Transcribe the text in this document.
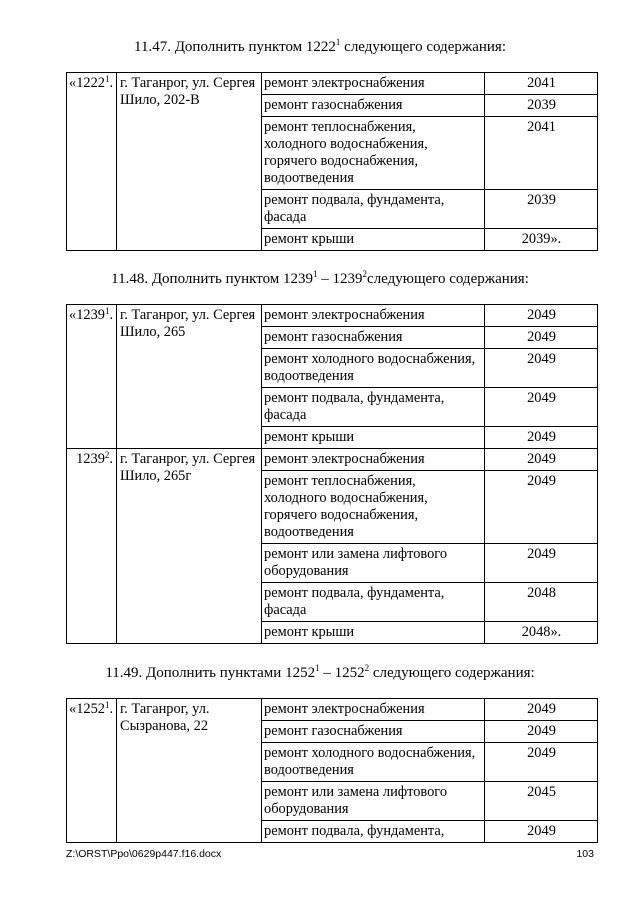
11.47. Дополнить пунктом 1222$^1$ следующего содержания:
«1222$^1$.	г. Таганрог, ул. Сергея Шило, 202-В	ремонт электроснабжения	2041
		ремонт газоснабжения	2039
		ремонт теплоснабжения, холодного водоснабжения, горячего водоснабжения, водоотведения	2041
		ремонт подвала, фундамента, фасада	2039
		ремонт крыши	2039».
11.48. Дополнить пунктом 1239$^1$ – 1239$^2$следующего содержания:
«1239$^1$.	г. Таганрог, ул. Сергея Шило, 265	ремонт электроснабжения	2049
		ремонт газоснабжения	2049
		ремонт холодного водоснабжения, водоотведения	2049
		ремонт подвала, фундамента, фасада	2049
		ремонт крыши	2049
1239$^2$.	г. Таганрог, ул. Сергея Шило, 265г	ремонт электроснабжения	2049
		ремонт теплоснабжения, холодного водоснабжения, горячего водоснабжения, водоотведения	2049
		ремонт или замена лифтового оборудования	2049
		ремонт подвала, фундамента, фасада	2048
		ремонт крыши	2048».
11.49. Дополнить пунктами 1252$^1$ – 1252$^2$ следующего содержания:
«1252$^1$.	г. Таганрог, ул. Сызранова, 22	ремонт электроснабжения	2049
		ремонт газоснабжения	2049
		ремонт холодного водоснабжения, водоотведения	2049
		ремонт или замена лифтового оборудования	2045
		ремонт подвала, фундамента,	2049
Z:\ORST\Ppo\0629p447.f16.docx	103
